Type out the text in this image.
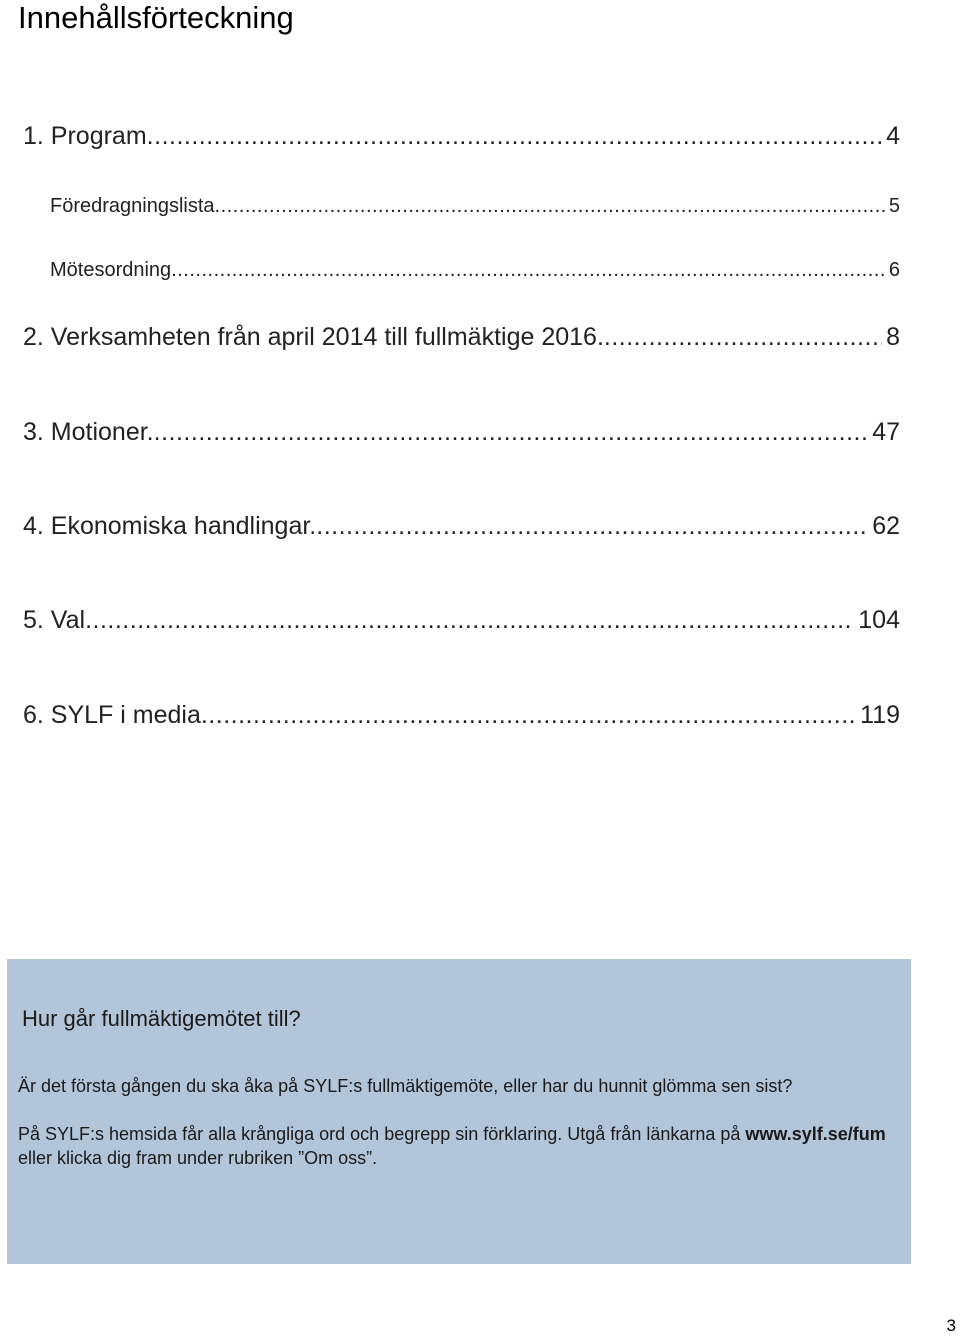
Innehållsförteckning
1. Program .....	4
Föredragningslista .....	5
Mötesordning .....	6
2. Verksamheten från april 2014 till fullmäktige 2016. .....	8
3. Motioner. .....	47
4. Ekonomiska handlingar. .....	62
5. Val .....	104
6. SYLF i media .....	119
Hur går fullmäktigemötet till?

Är det första gången du ska åka på SYLF:s fullmäktigemöte, eller har du hunnit glömma sen sist?

På SYLF:s hemsida får alla krångliga ord och begrepp sin förklaring. Utgå från länkarna på www.sylf.se/fum eller klicka dig fram under rubriken ”Om oss”.

3
